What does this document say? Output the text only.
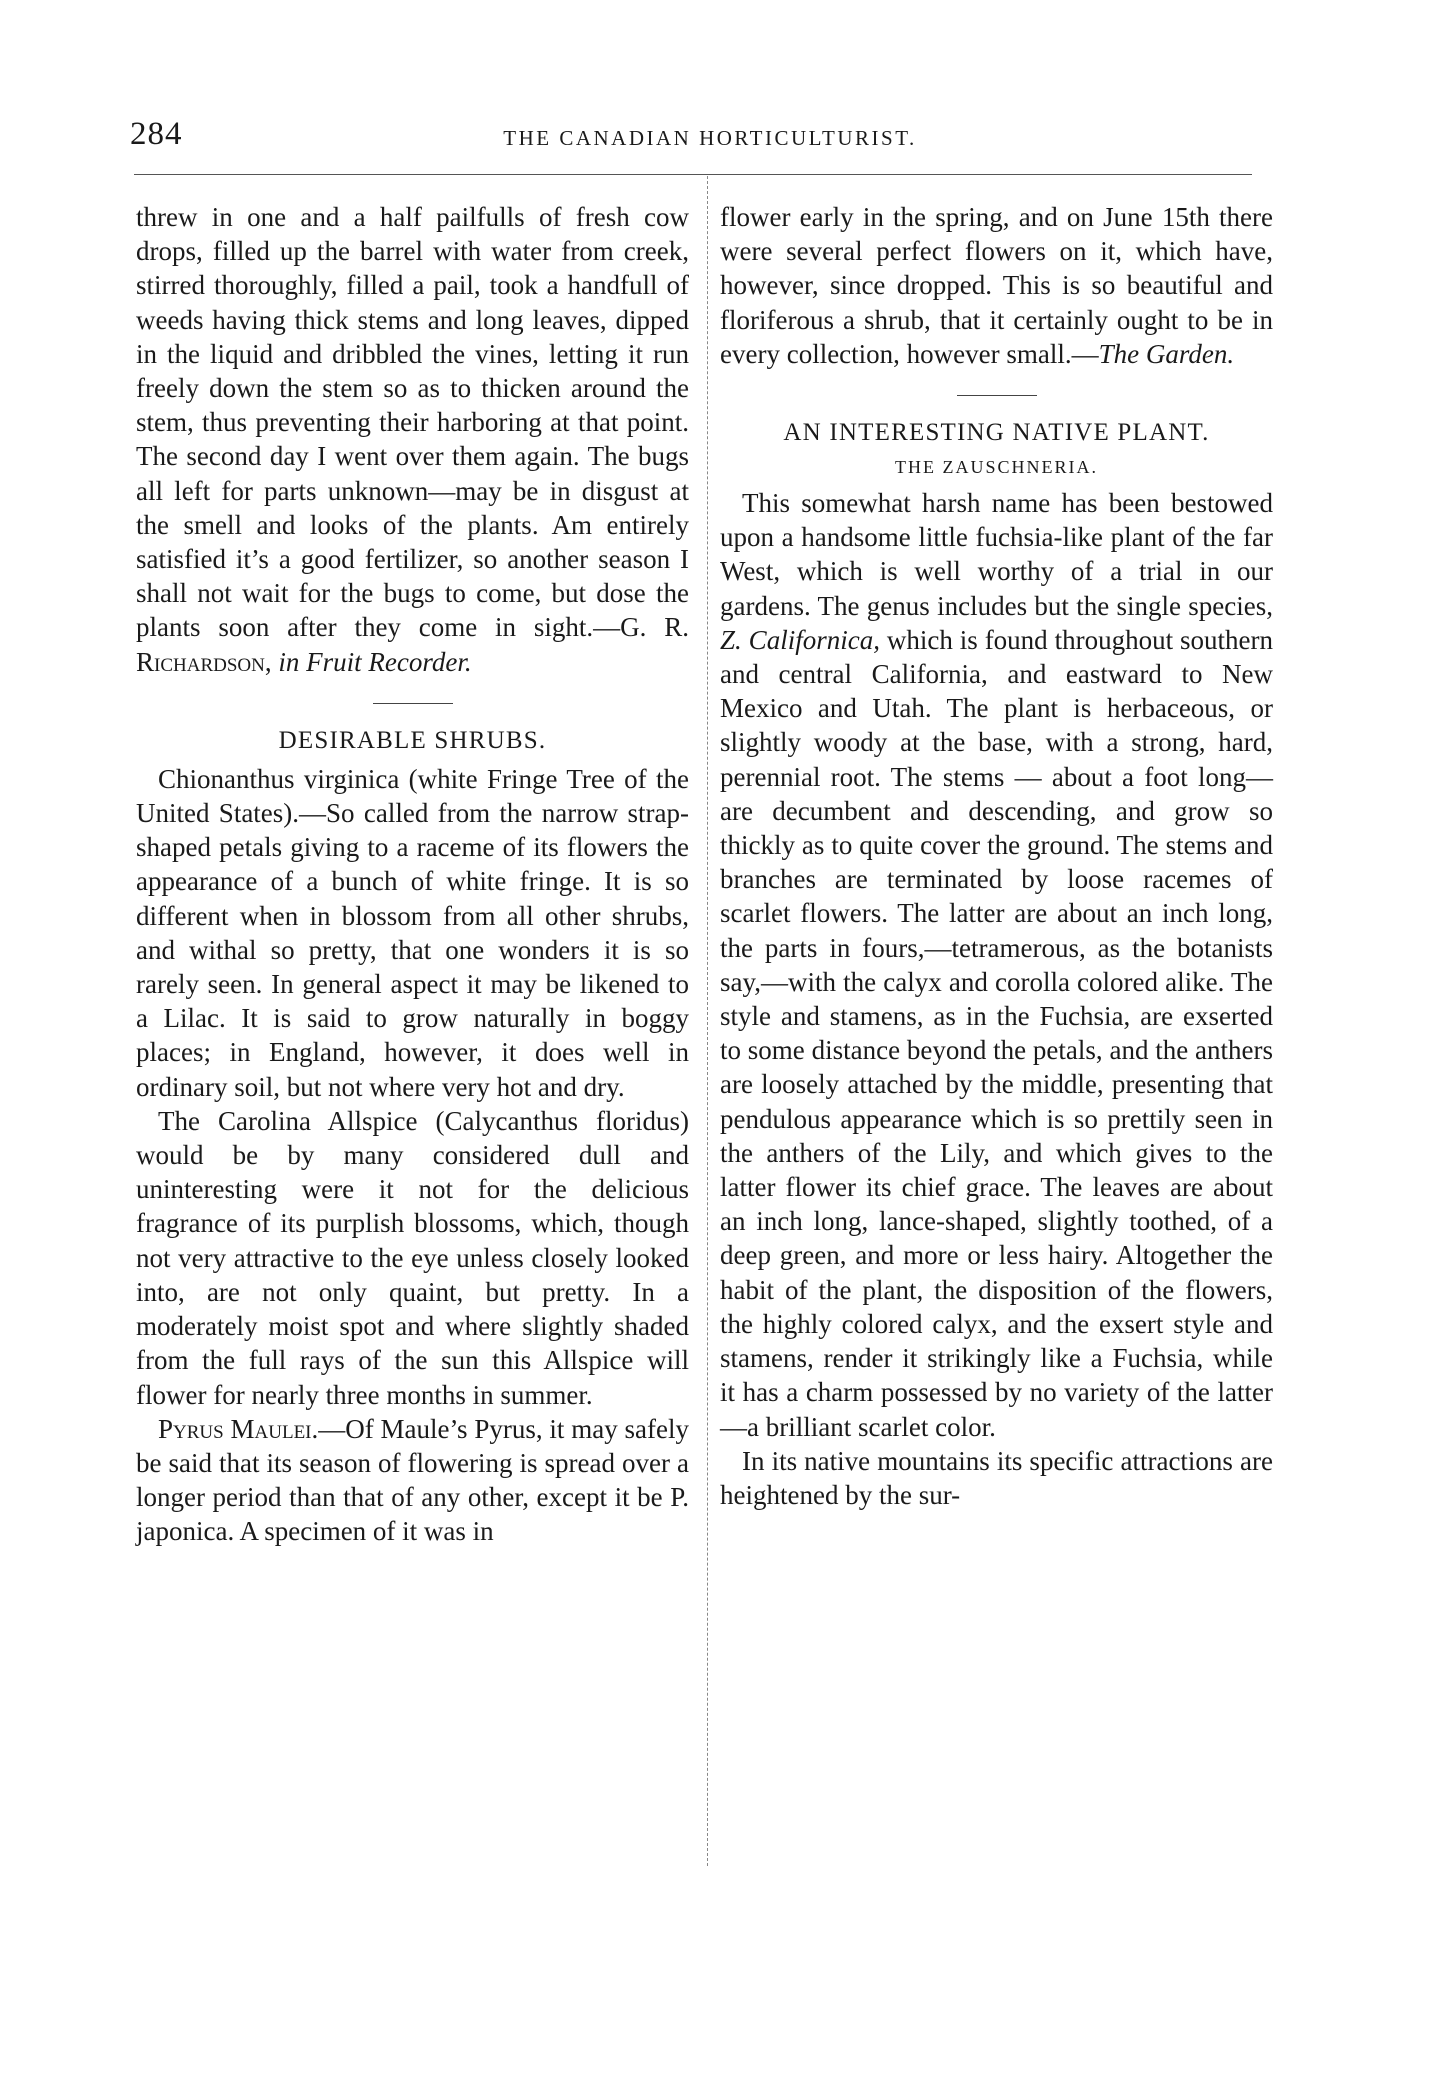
284	THE CANADIAN HORTICULTURIST.

threw in one and a half pailfulls of fresh cow drops, filled up the barrel with water from creek, stirred thoroughly, filled a pail, took a handfull of weeds having thick stems and long leaves, dipped in the liquid and dribbled the vines, letting it run freely down the stem so as to thicken around the stem, thus preventing their harboring at that point. The second day I went over them again. The bugs all left for parts unknown—may be in disgust at the smell and looks of the plants. Am entirely satisfied it’s a good fertilizer, so another season I shall not wait for the bugs to come, but dose the plants soon after they come in sight.—G. R. Richardson, in Fruit Recorder.

DESIRABLE SHRUBS.

Chionanthus virginica (white Fringe Tree of the United States).—So called from the narrow strap-shaped petals giving to a raceme of its flowers the appearance of a bunch of white fringe. It is so different when in blossom from all other shrubs, and withal so pretty, that one wonders it is so rarely seen. In general aspect it may be likened to a Lilac. It is said to grow naturally in boggy places; in England, however, it does well in ordinary soil, but not where very hot and dry.

The Carolina Allspice (Calycanthus floridus) would be by many considered dull and uninteresting were it not for the delicious fragrance of its purplish blossoms, which, though not very attractive to the eye unless closely looked into, are not only quaint, but pretty. In a moderately moist spot and where slightly shaded from the full rays of the sun this Allspice will flower for nearly three months in summer.

Pyrus Maulei.—Of Maule’s Pyrus, it may safely be said that its season of flowering is spread over a longer period than that of any other, except it be P. japonica. A specimen of it was in

flower early in the spring, and on June 15th there were several perfect flowers on it, which have, however, since dropped. This is so beautiful and floriferous a shrub, that it certainly ought to be in every collection, however small.—The Garden.

AN INTERESTING NATIVE PLANT.
THE ZAUSCHNERIA.

This somewhat harsh name has been bestowed upon a handsome little fuchsia-like plant of the far West, which is well worthy of a trial in our gardens. The genus includes but the single species, Z. Californica, which is found throughout southern and central California, and eastward to New Mexico and Utah. The plant is herbaceous, or slightly woody at the base, with a strong, hard, perennial root. The stems — about a foot long—are decumbent and descending, and grow so thickly as to quite cover the ground. The stems and branches are terminated by loose racemes of scarlet flowers. The latter are about an inch long, the parts in fours,—tetramerous, as the botanists say,—with the calyx and corolla colored alike. The style and stamens, as in the Fuchsia, are exserted to some distance beyond the petals, and the anthers are loosely attached by the middle, presenting that pendulous appearance which is so prettily seen in the anthers of the Lily, and which gives to the latter flower its chief grace. The leaves are about an inch long, lance-shaped, slightly toothed, of a deep green, and more or less hairy. Altogether the habit of the plant, the disposition of the flowers, the highly colored calyx, and the exsert style and stamens, render it strikingly like a Fuchsia, while it has a charm possessed by no variety of the latter—a brilliant scarlet color.

In its native mountains its specific attractions are heightened by the sur-
